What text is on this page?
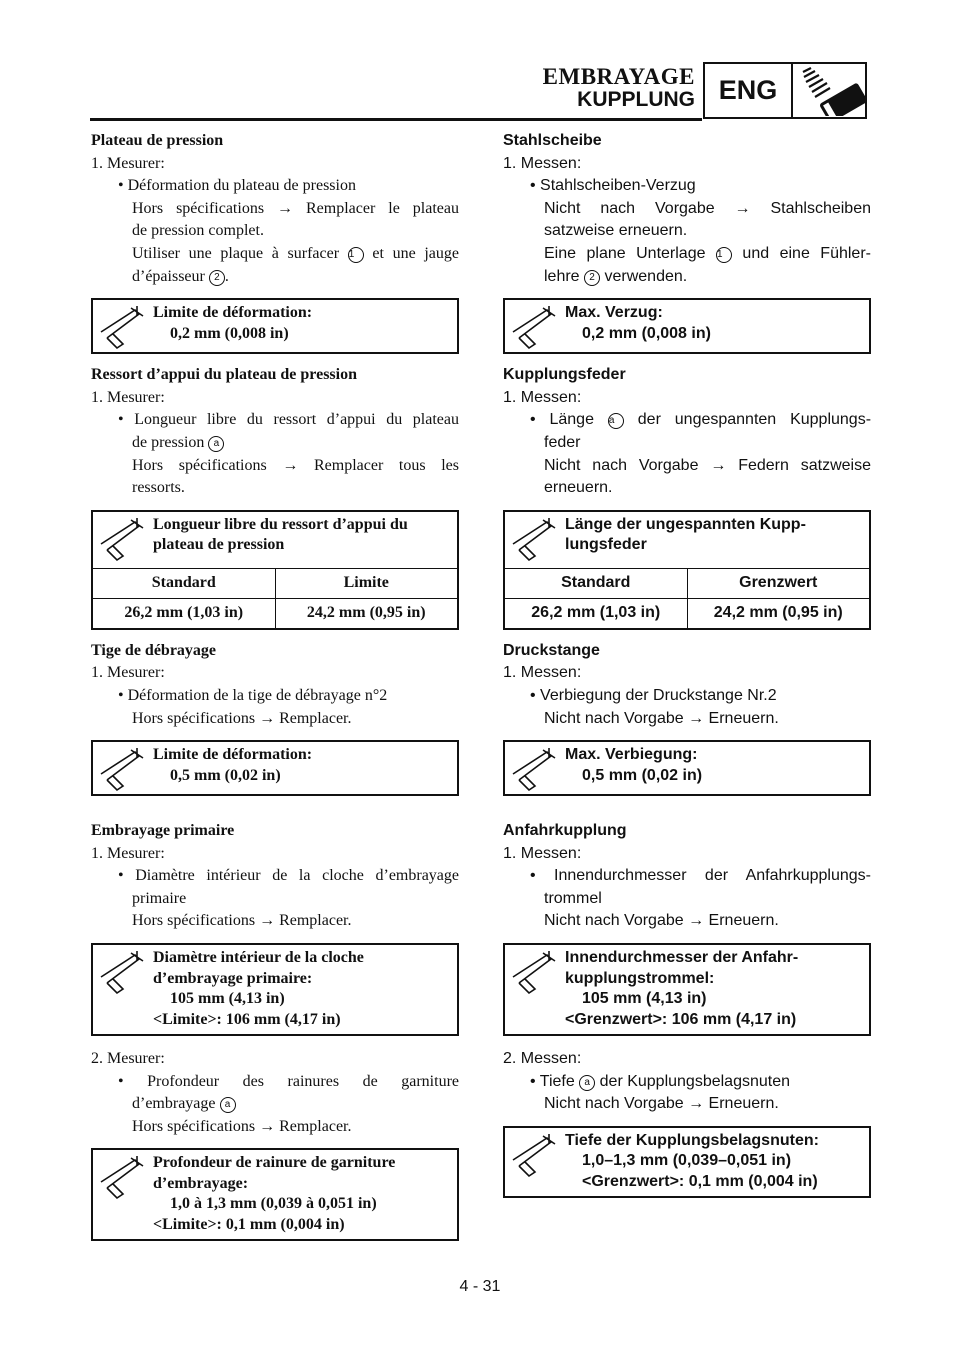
EMBRAYAGE
KUPPLUNG ENG

Plateau de pression

1. Mesurer:

• Déformation du plateau de pression

Hors spécifications → Remplacer le plateau

de pression complet.

Utiliser une plaque à surfacer 1 et une jauge

d’épaisseur 2 .

Limite de déformation:
0,2 mm (0,008 in)

Ressort d’appui du plateau de pression

1. Mesurer:

• Longueur libre du ressort d’appui du plateau

de pression a

Hors spécifications → Remplacer tous les

ressorts.

Longueur libre du ressort d’appui du
plateau de pression
Standard	Limite
26,2 mm (1,03 in)	24,2 mm (0,95 in)

Tige de débrayage

1. Mesurer:

• Déformation de la tige de débrayage n°2

Hors spécifications → Remplacer.

Limite de déformation:
0,5 mm (0,02 in)

Embrayage primaire

1. Mesurer:

• Diamètre intérieur de la cloche d’embrayage

primaire

Hors spécifications → Remplacer.

Diamètre intérieur de la cloche
d’embrayage primaire:
105 mm (4,13 in)
<Limite>: 106 mm (4,17 in)

2. Mesurer:

• Profondeur des rainures de garniture

d’embrayage a

Hors spécifications → Remplacer.

Profondeur de rainure de garniture
d’embrayage:
1,0 à 1,3 mm (0,039 à 0,051 in)
<Limite>: 0,1 mm (0,004 in)

Stahlscheibe

1. Messen:

• Stahlscheiben-Verzug

Nicht nach Vorgabe → Stahlscheiben

satzweise erneuern.

Eine plane Unterlage 1 und eine Fühler-

lehre 2 verwenden.

Max. Verzug:
0,2 mm (0,008 in)

Kupplungsfeder

1. Messen:

• Länge a der ungespannten Kupplungs-

feder

Nicht nach Vorgabe → Federn satzweise

erneuern.

Länge der ungespannten Kupp-
lungsfeder
Standard	Grenzwert
26,2 mm (1,03 in)	24,2 mm (0,95 in)

Druckstange

1. Messen:

• Verbiegung der Druckstange Nr.2

Nicht nach Vorgabe → Erneuern.

Max. Verbiegung:
0,5 mm (0,02 in)

Anfahrkupplung

1. Messen:

• Innendurchmesser der Anfahrkupplungs-

trommel

Nicht nach Vorgabe → Erneuern.

Innendurchmesser der Anfahr-
kupplungstrommel:
105 mm (4,13 in)
<Grenzwert>: 106 mm (4,17 in)

2. Messen:

• Tiefe a der Kupplungsbelagsnuten

Nicht nach Vorgabe → Erneuern.

Tiefe der Kupplungsbelagsnuten:
1,0–1,3 mm (0,039–0,051 in)
<Grenzwert>: 0,1 mm (0,004 in)
4 - 31
